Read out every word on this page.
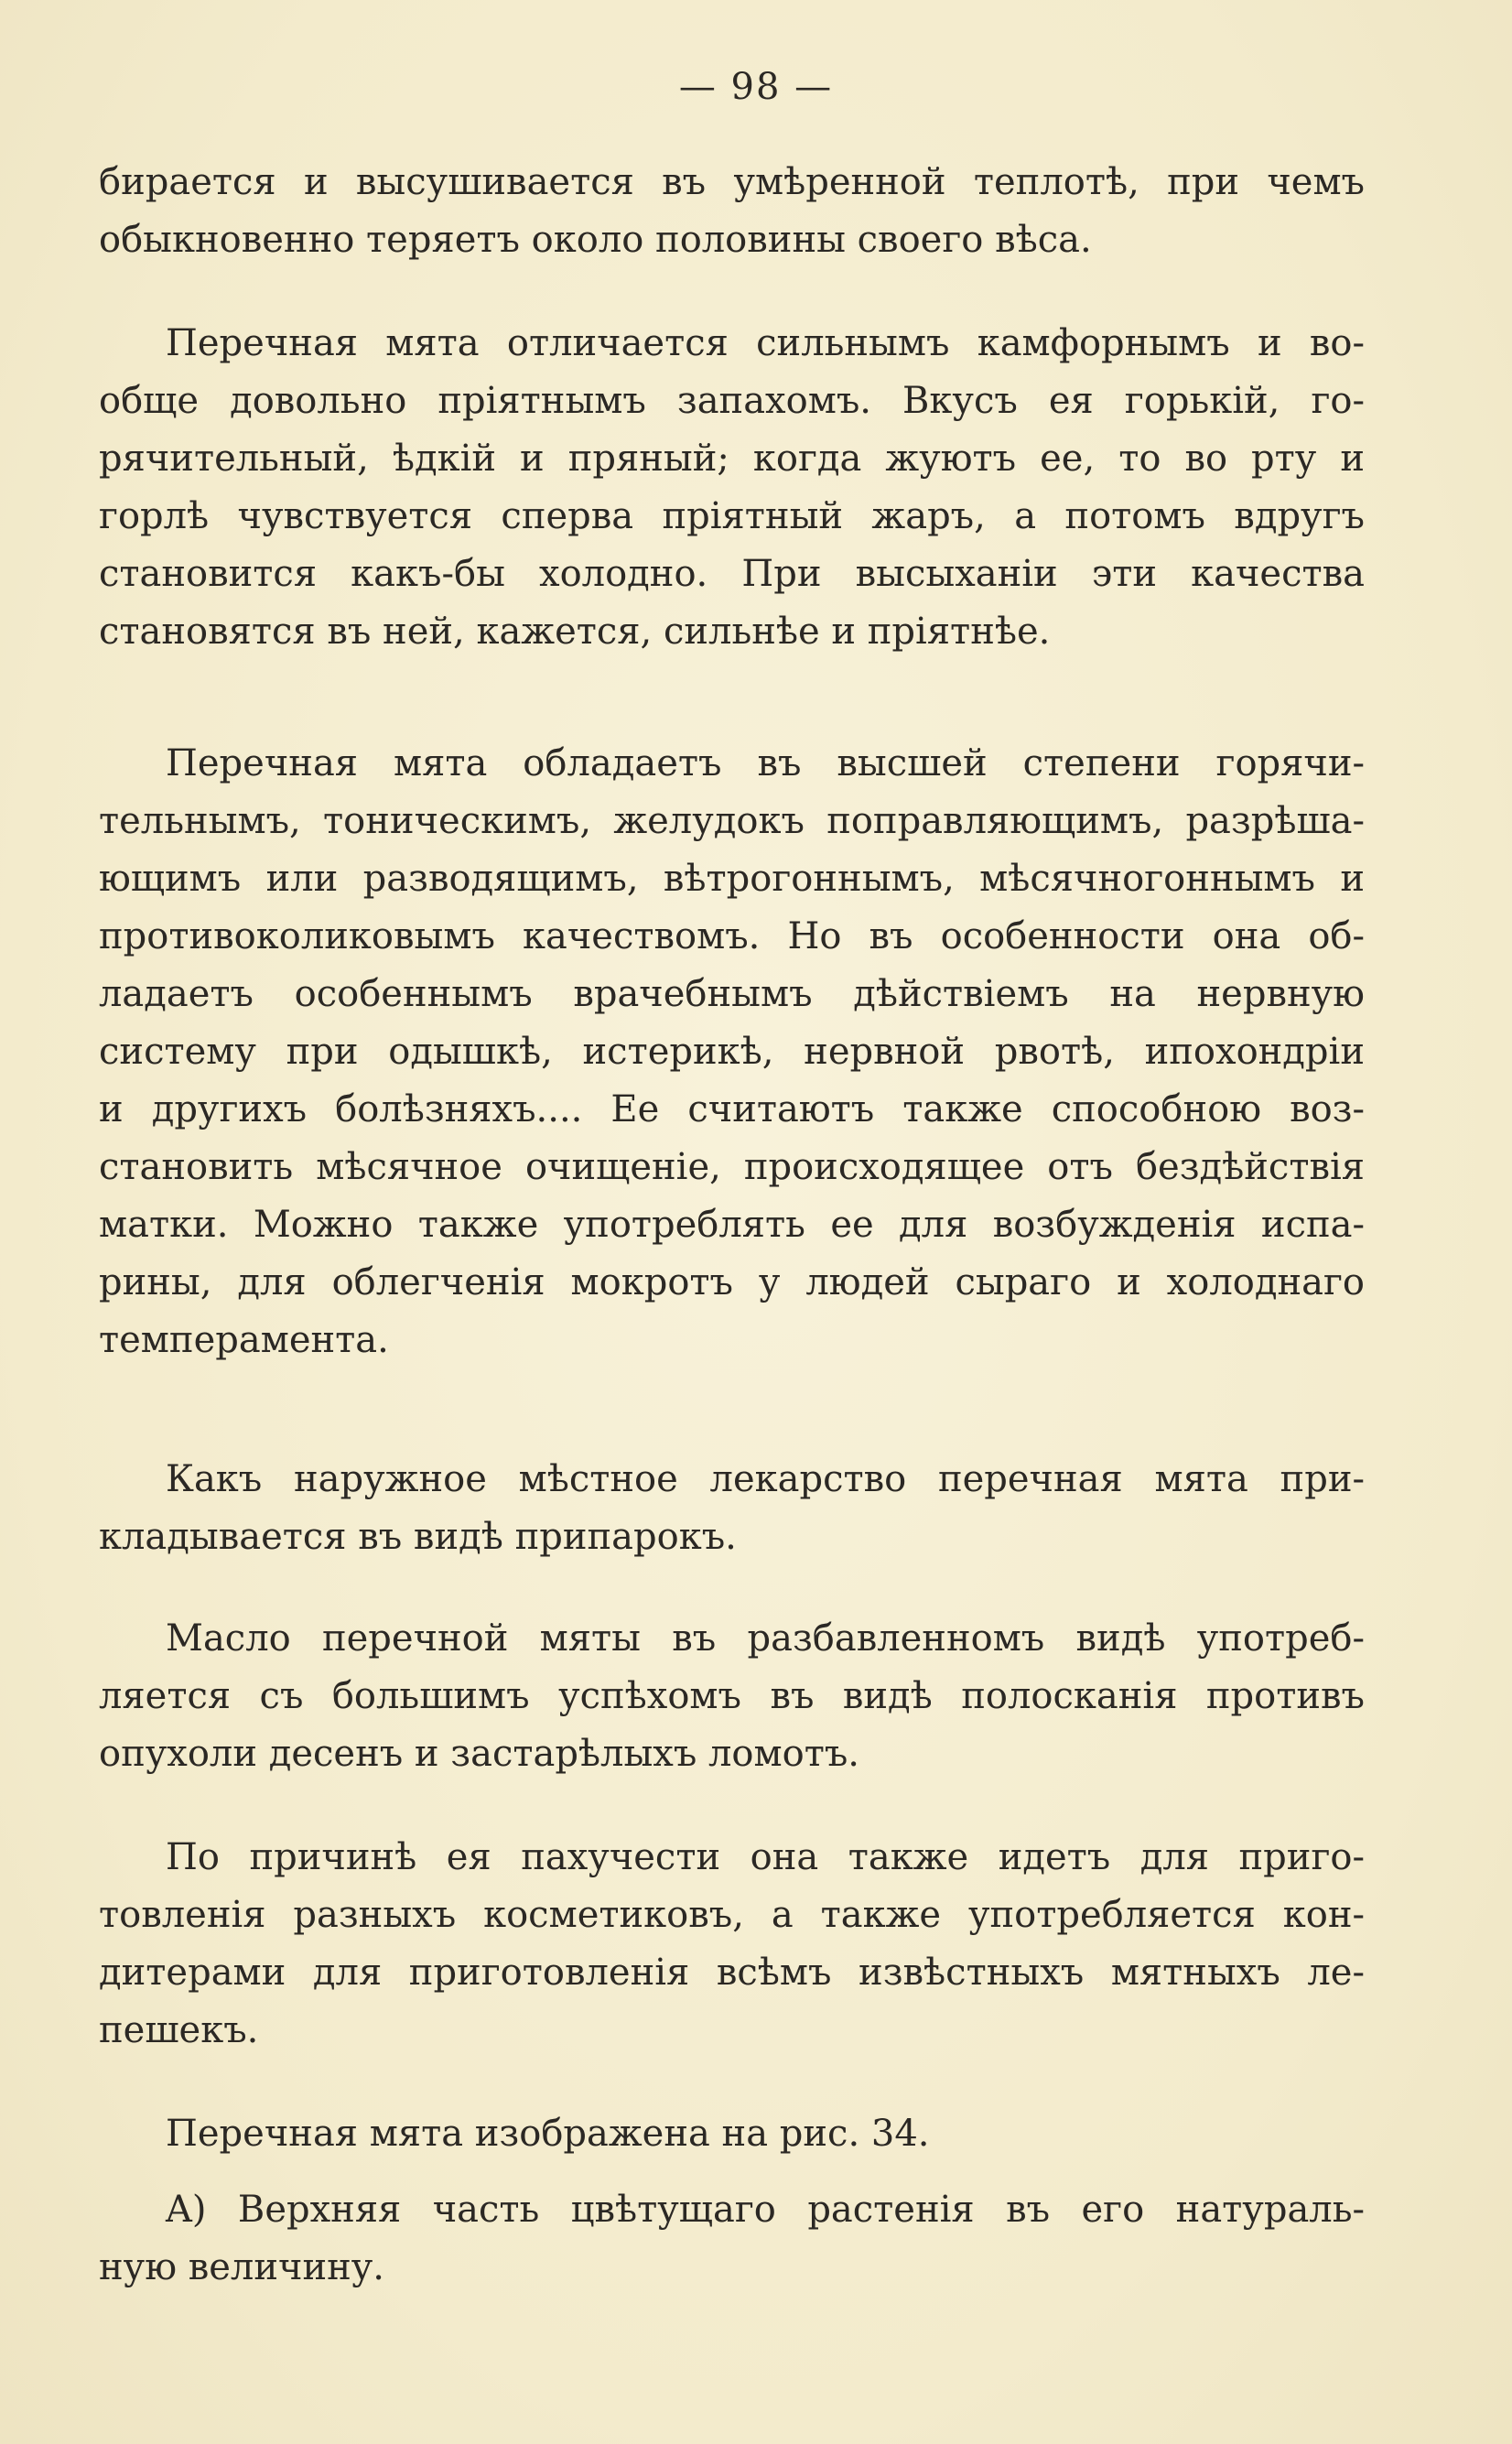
— 98 —
бирается и высушивается въ умѣренной теплотѣ, при чемъ
обыкновенно теряетъ около половины своего вѣса.
Перечная мята отличается сильнымъ камфорнымъ и во-
обще довольно пріятнымъ запахомъ. Вкусъ ея горькій, го-
рячительный, ѣдкій и пряный; когда жуютъ ее, то во рту и
горлѣ чувствуется сперва пріятный жаръ, а потомъ вдругъ
становится какъ-бы холодно. При высыханіи эти качества
становятся въ ней, кажется, сильнѣе и пріятнѣе.
Перечная мята обладаетъ въ высшей степени горячи-
тельнымъ, тоническимъ, желудокъ поправляющимъ, разрѣша-
ющимъ или разводящимъ, вѣтрогоннымъ, мѣсячногоннымъ и
противоколиковымъ качествомъ. Но въ особенности она об-
ладаетъ особеннымъ врачебнымъ дѣйствіемъ на нервную
систему при одышкѣ, истерикѣ, нервной рвотѣ, ипохондріи
и другихъ болѣзняхъ.... Ее считаютъ также способною воз-
становить мѣсячное очищеніе, происходящее отъ бездѣйствія
матки. Можно также употреблять ее для возбужденія испа-
рины, для облегченія мокротъ у людей сыраго и холоднаго
темперамента.
Какъ наружное мѣстное лекарство перечная мята при-
кладывается въ видѣ припарокъ.
Масло перечной мяты въ разбавленномъ видѣ употреб-
ляется съ большимъ успѣхомъ въ видѣ полосканія противъ
опухоли десенъ и застарѣлыхъ ломотъ.
По причинѣ ея пахучести она также идетъ для приго-
товленія разныхъ косметиковъ, а также употребляется кон-
дитерами для приготовленія всѣмъ извѣстныхъ мятныхъ ле-
пешекъ.
Перечная мята изображена на рис. 34.
A) Верхняя часть цвѣтущаго растенія въ его натураль-
ную величину.
